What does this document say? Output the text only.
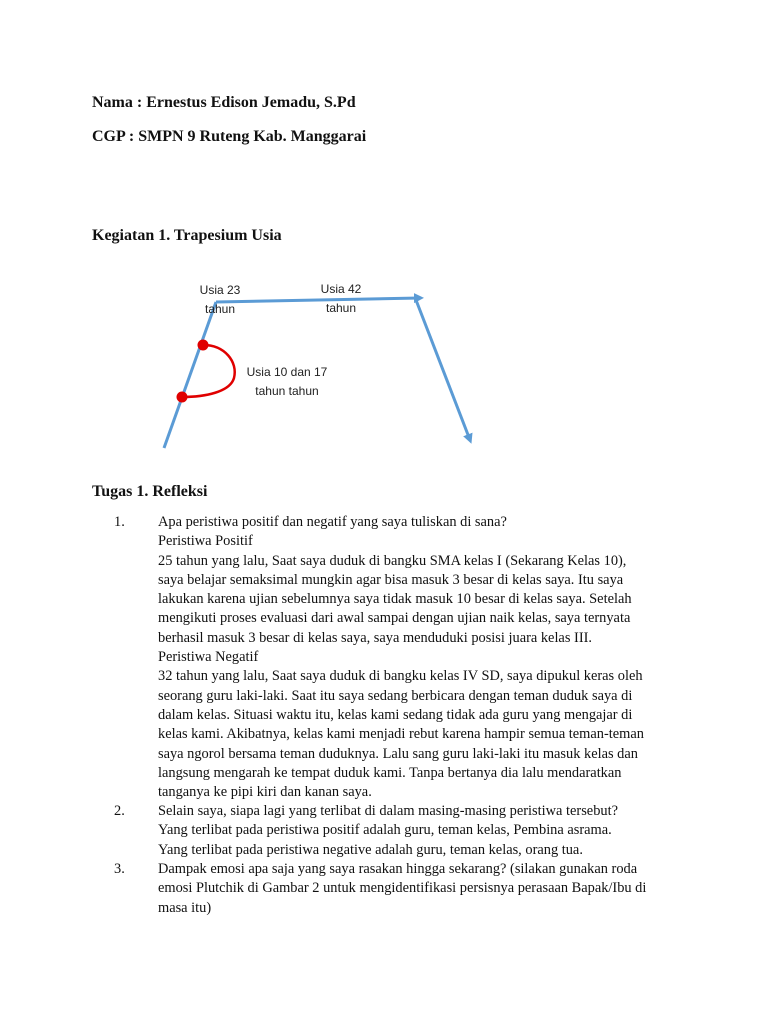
Nama : Ernestus Edison Jemadu, S.Pd
CGP : SMPN 9 Ruteng Kab. Manggarai
Kegiatan 1. Trapesium Usia
Usia 23
tahun
Usia 42
tahun
Usia 10 dan 17
tahun tahun
Tugas 1. Refleksi
1. Apa peristiwa positif dan negatif yang saya tuliskan di sana?
Peristiwa Positif
25 tahun yang lalu, Saat saya duduk di bangku SMA kelas I (Sekarang Kelas 10),
saya belajar semaksimal mungkin agar bisa masuk 3 besar di kelas saya. Itu saya
lakukan karena ujian sebelumnya saya tidak masuk 10 besar di kelas saya. Setelah
mengikuti proses evaluasi dari awal sampai dengan ujian naik kelas, saya ternyata
berhasil masuk 3 besar di kelas saya, saya menduduki posisi juara kelas III.
Peristiwa Negatif
32 tahun yang lalu, Saat saya duduk di bangku kelas IV SD, saya dipukul keras oleh
seorang guru laki-laki. Saat itu saya sedang berbicara dengan teman duduk saya di
dalam kelas. Situasi waktu itu, kelas kami sedang tidak ada guru yang mengajar di
kelas kami. Akibatnya, kelas kami menjadi rebut karena hampir semua teman-teman
saya ngorol bersama teman duduknya. Lalu sang guru laki-laki itu masuk kelas dan
langsung mengarah ke tempat duduk kami. Tanpa bertanya dia lalu mendaratkan
tanganya ke pipi kiri dan kanan saya.
2. Selain saya, siapa lagi yang terlibat di dalam masing-masing peristiwa tersebut?
Yang terlibat pada peristiwa positif adalah guru, teman kelas, Pembina asrama.
Yang terlibat pada peristiwa negative adalah guru, teman kelas, orang tua.
3. Dampak emosi apa saja yang saya rasakan hingga sekarang? (silakan gunakan roda
emosi Plutchik di Gambar 2 untuk mengidentifikasi persisnya perasaan Bapak/Ibu di
masa itu)
